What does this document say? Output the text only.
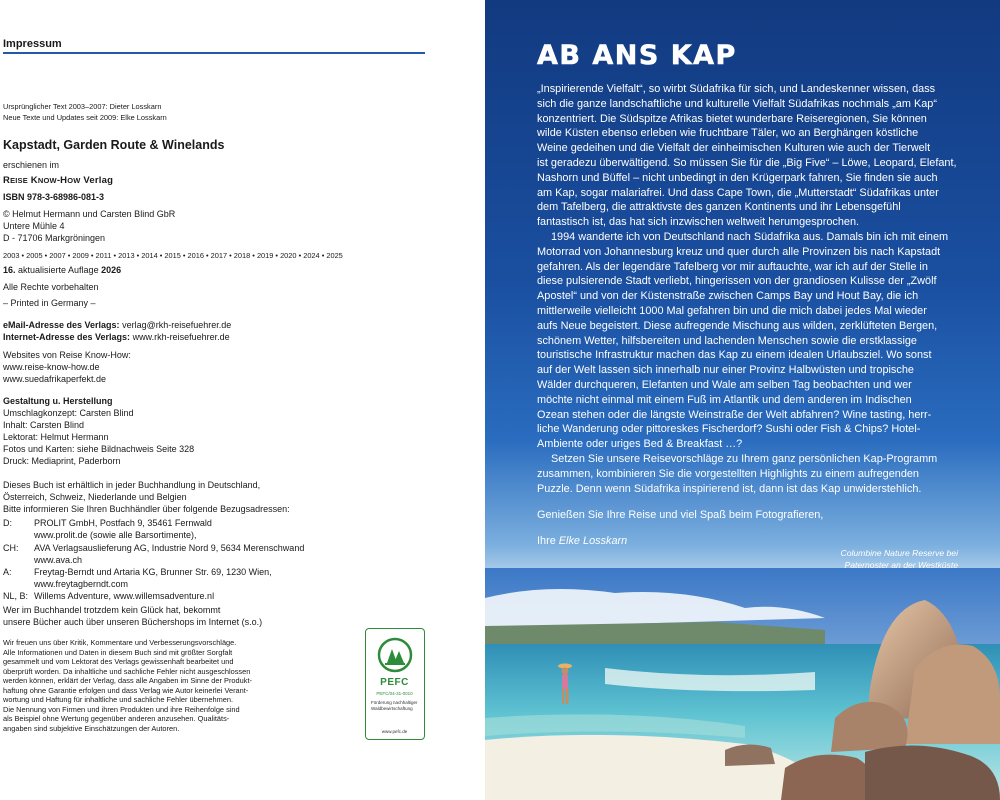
Impressum
Ursprünglicher Text 2003–2007: Dieter Losskarn
Neue Texte und Updates seit 2009: Elke Losskarn
Kapstadt, Garden Route & Winelands
erschienen im
REISE KNOW-HOW Verlag
ISBN 978-3-68986-081-3
© Helmut Hermann und Carsten Blind GbR
Untere Mühle 4
D - 71706 Markgröningen
2003 • 2005 • 2007 • 2009 • 2011 • 2013 • 2014 • 2015 • 2016 • 2017 • 2018 • 2019 • 2020 • 2024 • 2025
16. aktualisierte Auflage 2026
Alle Rechte vorbehalten
– Printed in Germany –
eMail-Adresse des Verlags: verlag@rkh-reisefuehrer.de
Internet-Adresse des Verlags: www.rkh-reisefuehrer.de
Websites von Reise Know-How:
www.reise-know-how.de
www.suedafrikaperfekt.de
Gestaltung u. Herstellung
Umschlagkonzept: Carsten Blind
Inhalt: Carsten Blind
Lektorat: Helmut Hermann
Fotos und Karten: siehe Bildnachweis Seite 328
Druck: Mediaprint, Paderborn
Dieses Buch ist erhältlich in jeder Buchhandlung in Deutschland,
Österreich, Schweiz, Niederlande und Belgien
Bitte informieren Sie Ihren Buchhändler über folgende Bezugsadressen:
D: PROLIT GmbH, Postfach 9, 35461 Fernwald
www.prolit.de (sowie alle Barsortimente),
CH: AVA Verlagsauslieferung AG, Industrie Nord 9, 5634 Merenschwand
www.ava.ch
A: Freytag-Berndt und Artaria KG, Brunner Str. 69, 1230 Wien,
www.freytagberndt.com
NL, B: Willems Adventure, www.willemsadventure.nl
Wer im Buchhandel trotzdem kein Glück hat, bekommt
unsere Bücher auch über unseren Büchershops im Internet (s.o.)
Wir freuen uns über Kritik, Kommentare und Verbesserungsvorschläge.
Alle Informationen und Daten in diesem Buch sind mit größter Sorgfalt
gesammelt und vom Lektorat des Verlags gewissenhaft bearbeitet und
überprüft worden. Da inhaltliche und sachliche Fehler nicht ausgeschlossen
werden können, erklärt der Verlag, dass alle Angaben im Sinne der Produkt-
haftung ohne Garantie erfolgen und dass Verlag wie Autor keinerlei Verant-
wortung und Haftung für inhaltliche und sachliche Fehler übernehmen.
Die Nennung von Firmen und ihren Produkten und ihre Reihenfolge sind
als Beispiel ohne Wertung gegenüber anderen anzusehen. Qualitäts-
angaben sind subjektive Einschätzungen der Autoren.
PEFC
PEFC/04-31-0010
Förderung nachhaltiger Waldbewirtschaftung
www.pefc.de
AB ANS KAP
„Inspirierende Vielfalt“, so wirbt Südafrika für sich, und Landeskenner wissen, dass
sich die ganze landschaftliche und kulturelle Vielfalt Südafrikas nochmals „am Kap“
konzentriert. Die Südspitze Afrikas bietet wunderbare Reiseregionen, Sie können
wilde Küsten ebenso erleben wie fruchtbare Täler, wo an Berghängen köstliche
Weine gedeihen und die Vielfalt der einheimischen Kulturen wie auch der Tierwelt
ist geradezu überwältigend. So müssen Sie für die „Big Five“ – Löwe, Leopard, Elefant,
Nashorn und Büffel – nicht unbedingt in den Krügerpark fahren, Sie finden sie auch
am Kap, sogar malariafrei. Und dass Cape Town, die „Mutterstadt“ Südafrikas unter
dem Tafelberg, die attraktivste des ganzen Kontinents und ihr Lebensgefühl
fantastisch ist, das hat sich inzwischen weltweit herumgesprochen.
1994 wanderte ich von Deutschland nach Südafrika aus. Damals bin ich mit einem
Motorrad von Johannesburg kreuz und quer durch alle Provinzen bis nach Kapstadt
gefahren. Als der legendäre Tafelberg vor mir auftauchte, war ich auf der Stelle in
diese pulsierende Stadt verliebt, hingerissen von der grandiosen Kulisse der „Zwölf
Apostel“ und von der Küstenstraße zwischen Camps Bay und Hout Bay, die ich
mittlerweile vielleicht 1000 Mal gefahren bin und die mich dabei jedes Mal wieder
aufs Neue begeistert. Diese aufregende Mischung aus wilden, zerklüfteten Bergen,
schönem Wetter, hilfsbereiten und lachenden Menschen sowie die erstklassige
touristische Infrastruktur machen das Kap zu einem idealen Urlaubsziel. Wo sonst
auf der Welt lassen sich innerhalb nur einer Provinz Halbwüsten und tropische
Wälder durchqueren, Elefanten und Wale am selben Tag beobachten und wer
möchte nicht einmal mit einem Fuß im Atlantik und dem anderen im Indischen
Ozean stehen oder die längste Weinstraße der Welt abfahren? Wine tasting, herr-
liche Wanderung oder pittoreskes Fischerdorf? Sushi oder Fish & Chips? Hotel-
Ambiente oder uriges Bed & Breakfast …?
Setzen Sie unsere Reisevorschläge zu Ihrem ganz persönlichen Kap-Programm
zusammen, kombinieren Sie die vorgestellten Highlights zu einem aufregenden
Puzzle. Denn wenn Südafrika inspirierend ist, dann ist das Kap unwiderstehlich.
Genießen Sie Ihre Reise und viel Spaß beim Fotografieren,
Ihre Elke Losskarn
Columbine Nature Reserve bei
Paternoster an der Westküste
